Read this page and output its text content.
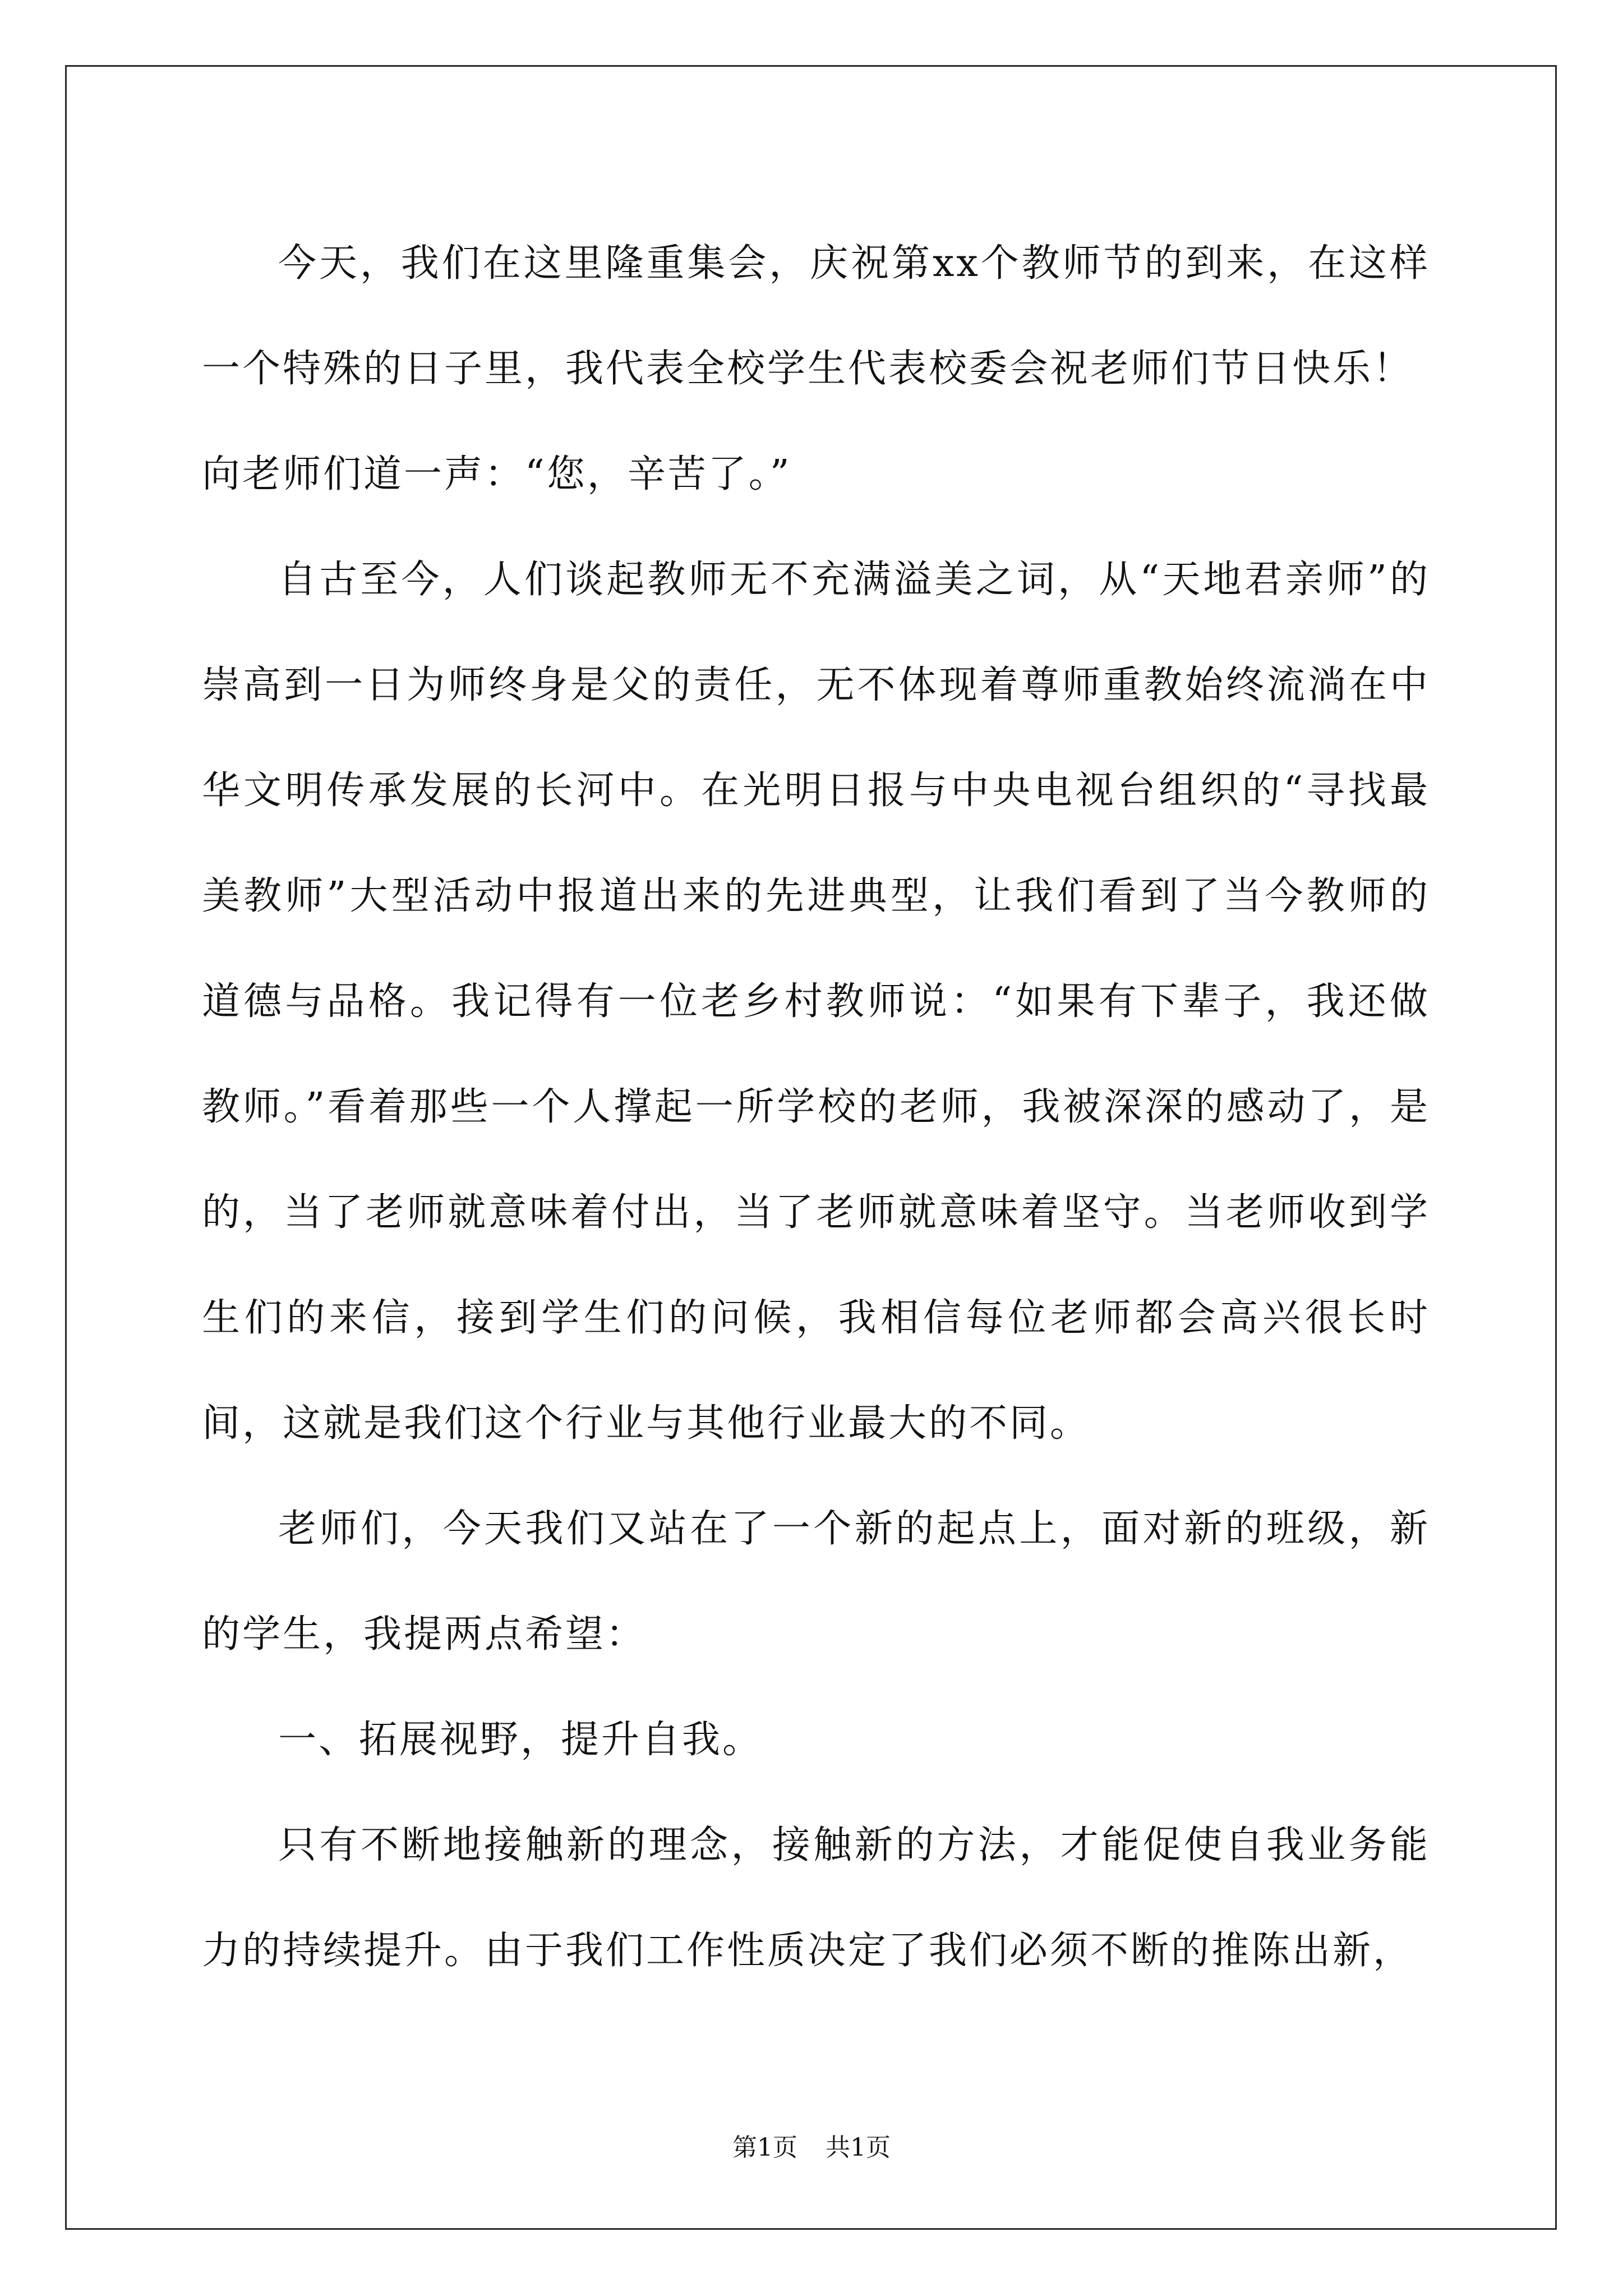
今天，我们在这里隆重集会，庆祝第xx个教师节的到来，在这样一个特殊的日子里，我代表全校学生代表校委会祝老师们节日快乐！

向老师们道一声：“您，辛苦了。”

自古至今，人们谈起教师无不充满溢美之词，从“天地君亲师”的崇高到一日为师终身是父的责任，无不体现着尊师重教始终流淌在中华文明传承发展的长河中。在光明日报与中央电视台组织的“寻找最美教师”大型活动中报道出来的先进典型，让我们看到了当今教师的道德与品格。我记得有一位老乡村教师说：“如果有下辈子，我还做教师。”看着那些一个人撑起一所学校的老师，我被深深的感动了，是的，当了老师就意味着付出，当了老师就意味着坚守。当老师收到学生们的来信，接到学生们的问候，我相信每位老师都会高兴很长时间，这就是我们这个行业与其他行业最大的不同。

老师们，今天我们又站在了一个新的起点上，面对新的班级，新的学生，我提两点希望：

一、拓展视野，提升自我。

只有不断地接触新的理念，接触新的方法，才能促使自我业务能力的持续提升。由于我们工作性质决定了我们必须不断的推陈出新，

第1页 共1页
